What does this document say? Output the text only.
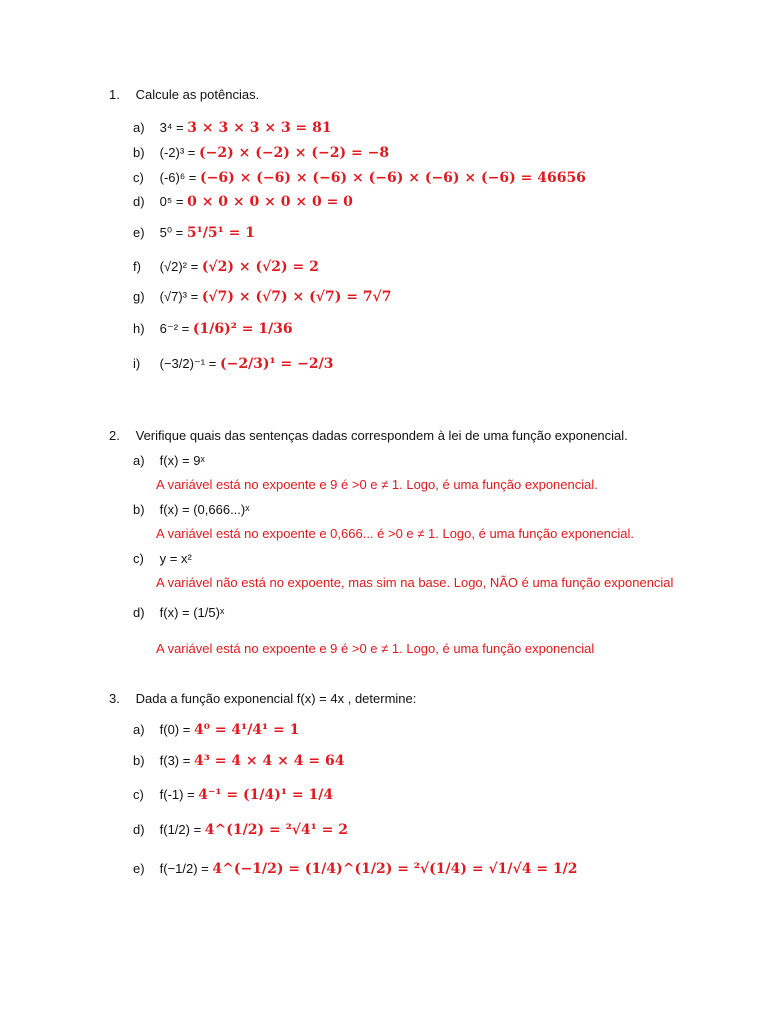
1. Calcule as potências.
a) 3⁴ = 3 × 3 × 3 × 3 = 81
b) (-2)³ = (−2) × (−2) × (−2) = −8
c) (-6)⁶ = (−6) × (−6) × (−6) × (−6) × (−6) × (−6) = 46656
d) 0⁵ = 0 × 0 × 0 × 0 × 0 = 0
e) 5⁰ = 5¹/5¹ = 1
f) (√2)² = (√2) × (√2) = 2
g) (√7)³ = (√7) × (√7) × (√7) = 7√7
h) 6⁻² = (1/6)² = 1/36
i) (−3/2)⁻¹ = (−2/3)¹ = −2/3
2. Verifique quais das sentenças dadas correspondem à lei de uma função exponencial.
a) f(x) = 9ˣ
A variável está no expoente e 9 é >0 e ≠ 1. Logo, é uma função exponencial.
b) f(x) = (0,666...)ˣ
A variável está no expoente e 0,666... é >0 e ≠ 1. Logo, é uma função exponencial.
c) y = x²
A variável não está no expoente, mas sim na base. Logo, NÃO é uma função exponencial
d) f(x) = (1/5)ˣ
A variável está no expoente e 9 é >0 e ≠ 1. Logo, é uma função exponencial
3. Dada a função exponencial f(x) = 4x , determine:
a) f(0) = 4⁰ = 4¹/4¹ = 1
b) f(3) = 4³ = 4 × 4 × 4 = 64
c) f(-1) = 4⁻¹ = (1/4)¹ = 1/4
d) f(1/2) = 4^(1/2) = ²√4¹ = 2
e) f(−1/2) = 4^(−1/2) = (1/4)^(1/2) = ²√(1/4) = √1/√4 = 1/2
